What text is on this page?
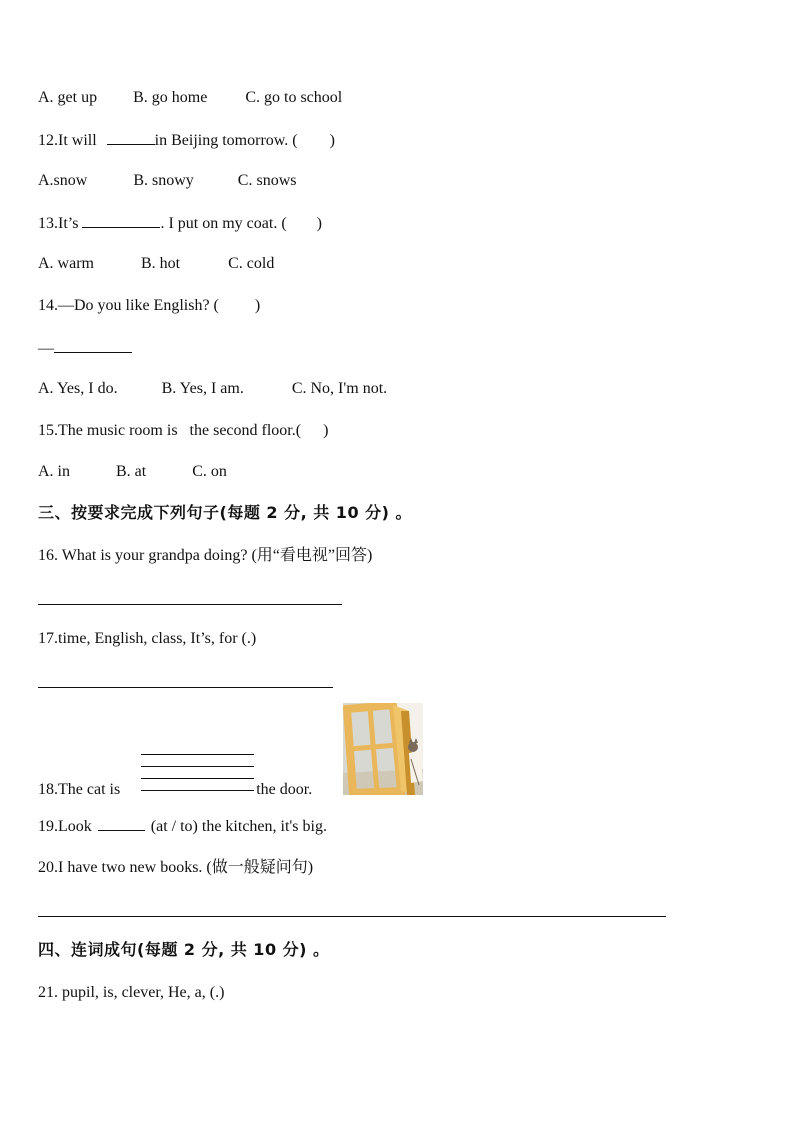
A. get up B. go home C. go to school
12.It will	in Beijing tomorrow. ( )
A.snow	B. snowy	C. snows
13.It’s	. I put on my coat. ( )
A. warm	B. hot	C. cold
14.—Do you like English? ( )
—
A. Yes, I do.	B. Yes, I am.	C. No, I'm not.
15.The music room is the second floor.( )
A. in	B. at	C. on
三、按要求完成下列句子(每题 2 分, 共 10 分) 。
16. What is your grandpa doing? (用“看电视”回答)
17.time, English, class, It’s, for (.)
18.The cat is	the door.
19.Look	(at / to) the kitchen, it's big.
20.I have two new books. (做一般疑问句)
四、连词成句(每题 2 分, 共 10 分) 。
21. pupil, is, clever, He, a, (.)
